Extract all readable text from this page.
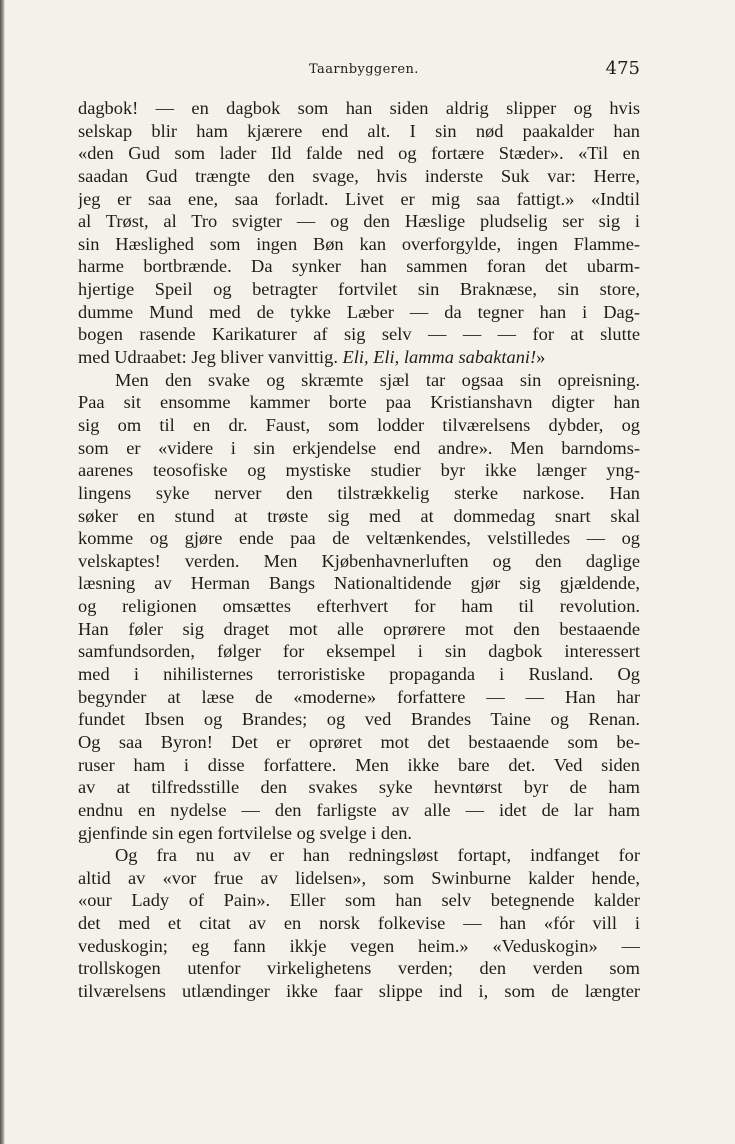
Taarnbyggeren.	475
dagbok! — en dagbok som han siden aldrig slipper og hvis
selskap blir ham kjærere end alt. I sin nød paakalder han
«den Gud som lader Ild falde ned og fortære Stæder». «Til en
saadan Gud trængte den svage, hvis inderste Suk var: Herre,
jeg er saa ene, saa forladt. Livet er mig saa fattigt.» «Indtil
al Trøst, al Tro svigter — og den Hæslige pludselig ser sig i
sin Hæslighed som ingen Bøn kan overforgylde, ingen Flamme-
harme bortbrænde. Da synker han sammen foran det ubarm-
hjertige Speil og betragter fortvilet sin Braknæse, sin store,
dumme Mund med de tykke Læber — da tegner han i Dag-
bogen rasende Karikaturer af sig selv — — — for at slutte
med Udraabet: Jeg bliver vanvittig. Eli, Eli, lamma sabaktani!»
Men den svake og skræmte sjæl tar ogsaa sin opreisning.
Paa sit ensomme kammer borte paa Kristianshavn digter han
sig om til en dr. Faust, som lodder tilværelsens dybder, og
som er «videre i sin erkjendelse end andre». Men barndoms-
aarenes teosofiske og mystiske studier byr ikke længer yng-
lingens syke nerver den tilstrækkelig sterke narkose. Han
søker en stund at trøste sig med at dommedag snart skal
komme og gjøre ende paa de veltænkendes, velstilledes — og
velskaptes! verden. Men Kjøbenhavnerluften og den daglige
læsning av Herman Bangs Nationaltidende gjør sig gjældende,
og religionen omsættes efterhvert for ham til revolution.
Han føler sig draget mot alle oprørere mot den bestaaende
samfundsorden, følger for eksempel i sin dagbok interessert
med i nihilisternes terroristiske propaganda i Rusland. Og
begynder at læse de «moderne» forfattere — — Han har
fundet Ibsen og Brandes; og ved Brandes Taine og Renan.
Og saa Byron! Det er oprøret mot det bestaaende som be-
ruser ham i disse forfattere. Men ikke bare det. Ved siden
av at tilfredsstille den svakes syke hevntørst byr de ham
endnu en nydelse — den farligste av alle — idet de lar ham
gjenfinde sin egen fortvilelse og svelge i den.
Og fra nu av er han redningsløst fortapt, indfanget for
altid av «vor frue av lidelsen», som Swinburne kalder hende,
«our Lady of Pain». Eller som han selv betegnende kalder
det med et citat av en norsk folkevise — han «fór vill i
veduskogin; eg fann ikkje vegen heim.» «Veduskogin» —
trollskogen utenfor virkelighetens verden; den verden som
tilværelsens utlændinger ikke faar slippe ind i, som de længter
